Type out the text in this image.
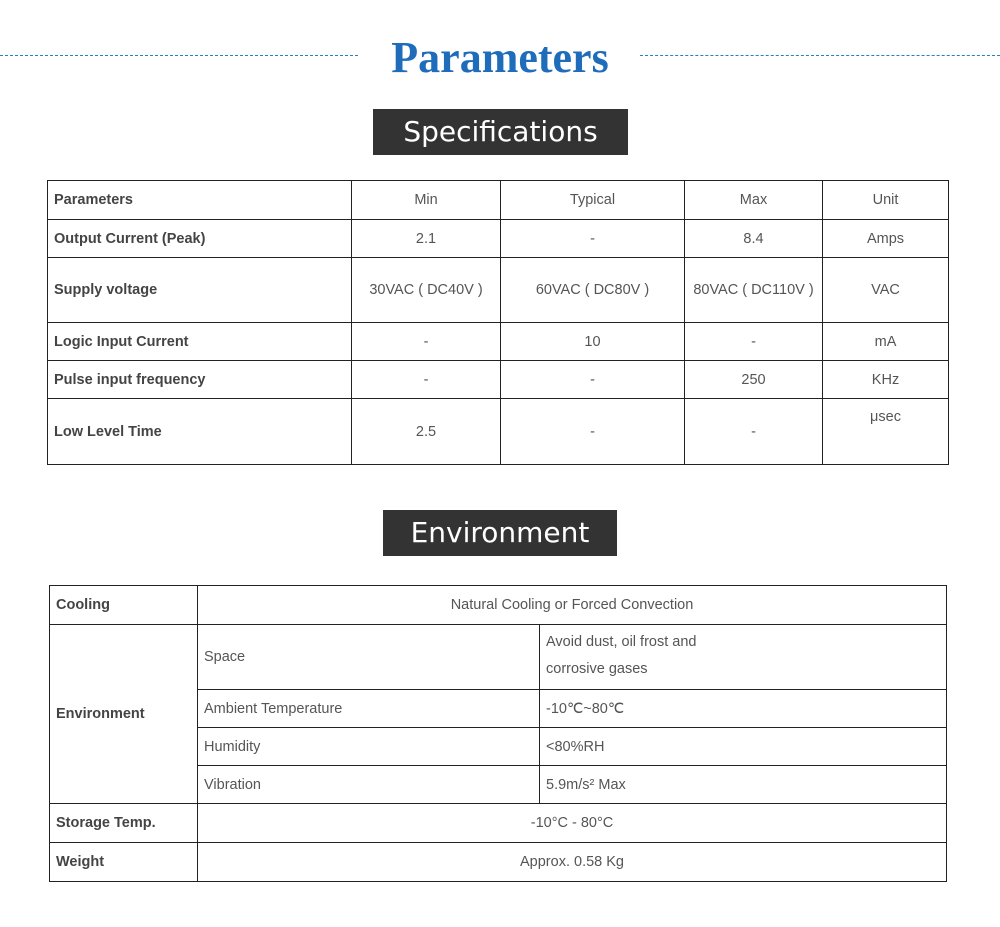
Parameters
Specifications
Parameters	Min	Typical	Max	Unit
Output Current (Peak)	2.1	-	8.4	Amps
Supply voltage	30VAC ( DC40V )	60VAC ( DC80V )	80VAC ( DC110V )	VAC
Logic Input Current	-	10	-	mA
Pulse input frequency	-	-	250	KHz
Low Level Time	2.5	-	-	μsec
Environment
Cooling	Natural Cooling or Forced Convection	
Environment	Space	Avoid dust, oil frost and
corrosive gases
	Ambient Temperature	-10℃~80℃
	Humidity	<80%RH
	Vibration	5.9m/s² Max
Storage Temp.	-10°C - 80°C	
Weight	Approx. 0.58 Kg	
